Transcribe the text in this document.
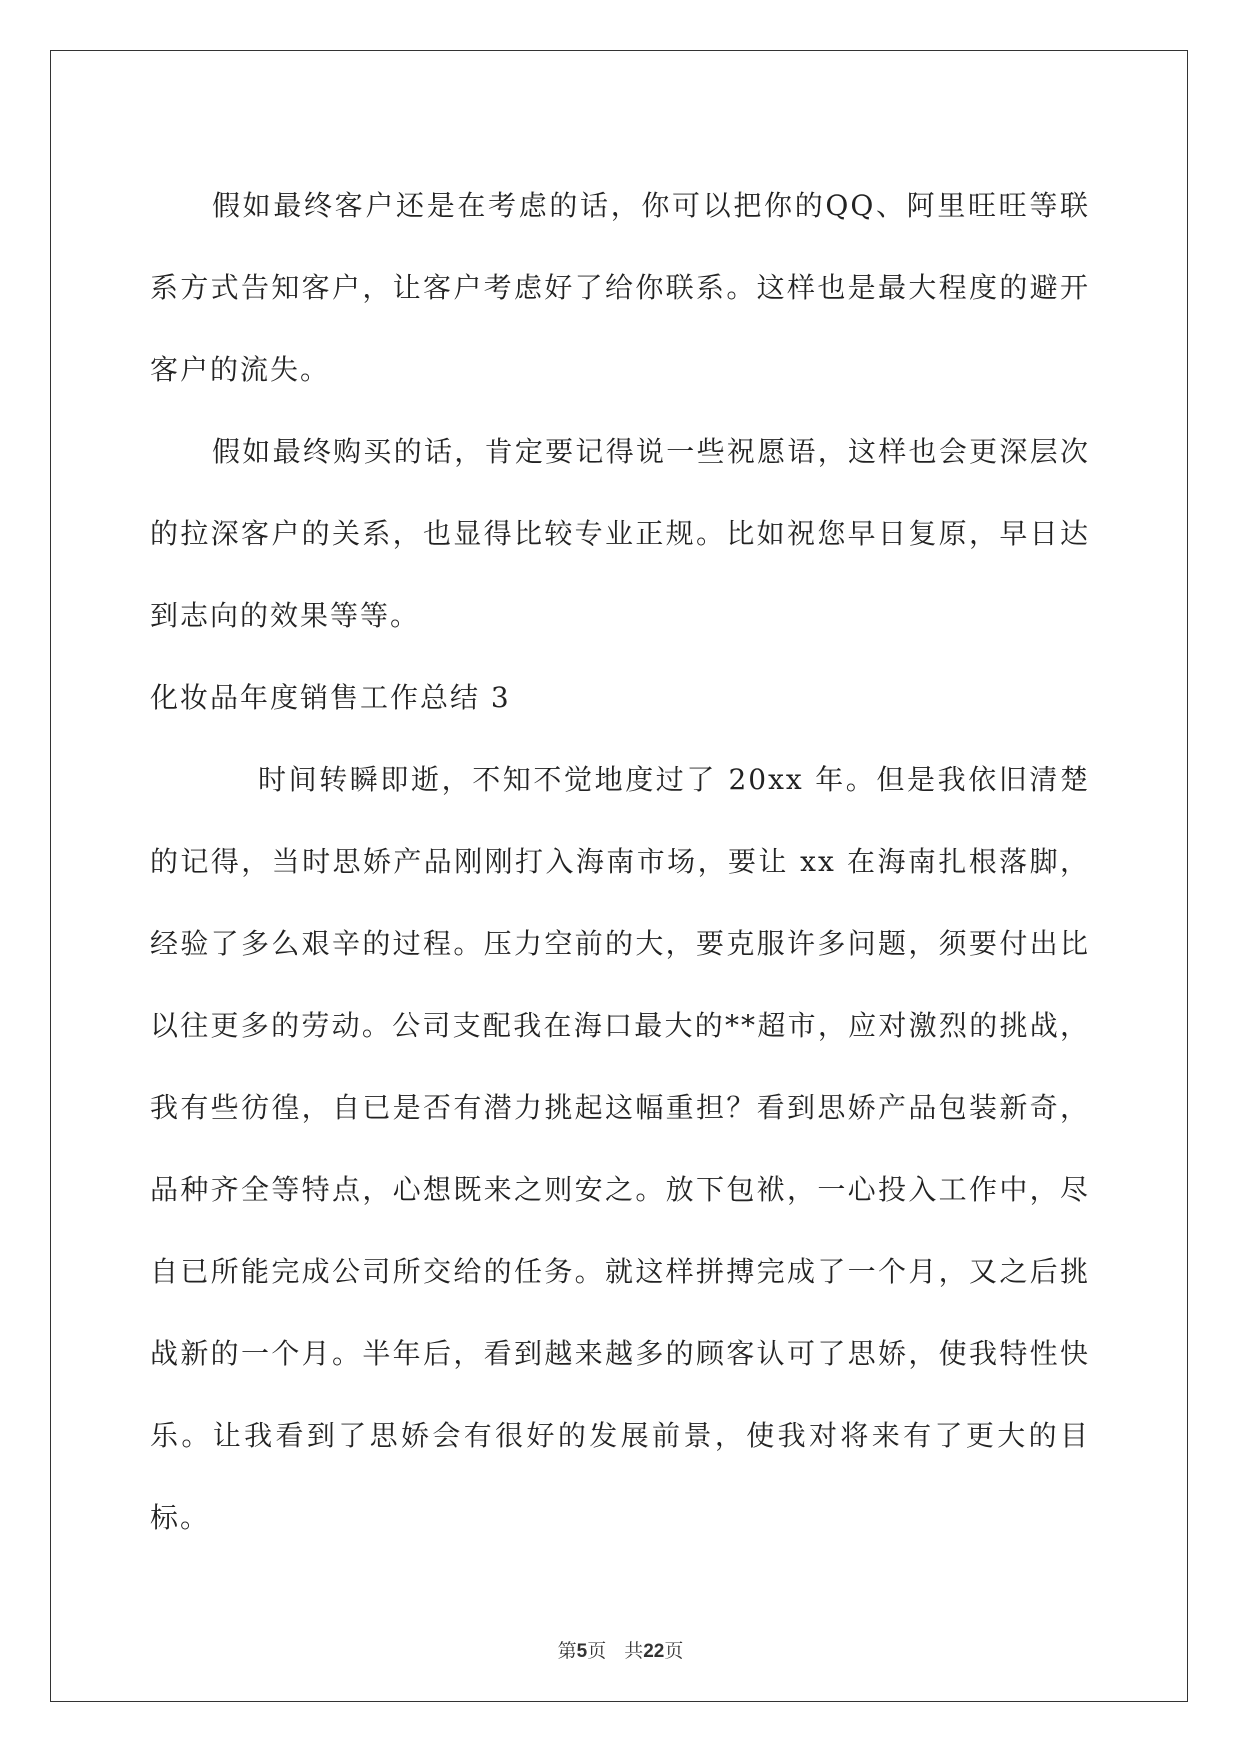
假如最终客户还是在考虑的话，你可以把你的QQ、阿里旺旺等联系方式告知客户，让客户考虑好了给你联系。这样也是最大程度的避开客户的流失。

假如最终购买的话，肯定要记得说一些祝愿语，这样也会更深层次的拉深客户的关系，也显得比较专业正规。比如祝您早日复原，早日达到志向的效果等等。

化妆品年度销售工作总结 3

时间转瞬即逝，不知不觉地度过了 20xx 年。但是我依旧清楚的记得，当时思娇产品刚刚打入海南市场，要让 xx 在海南扎根落脚，经验了多么艰辛的过程。压力空前的大，要克服许多问题，须要付出比以往更多的劳动。公司支配我在海口最大的**超市，应对激烈的挑战，我有些彷徨，自已是否有潜力挑起这幅重担？看到思娇产品包装新奇，品种齐全等特点，心想既来之则安之。放下包袱，一心投入工作中，尽自已所能完成公司所交给的任务。就这样拼搏完成了一个月，又之后挑战新的一个月。半年后，看到越来越多的顾客认可了思娇，使我特性快乐。让我看到了思娇会有很好的发展前景，使我对将来有了更大的目标。

第5页 共22页
